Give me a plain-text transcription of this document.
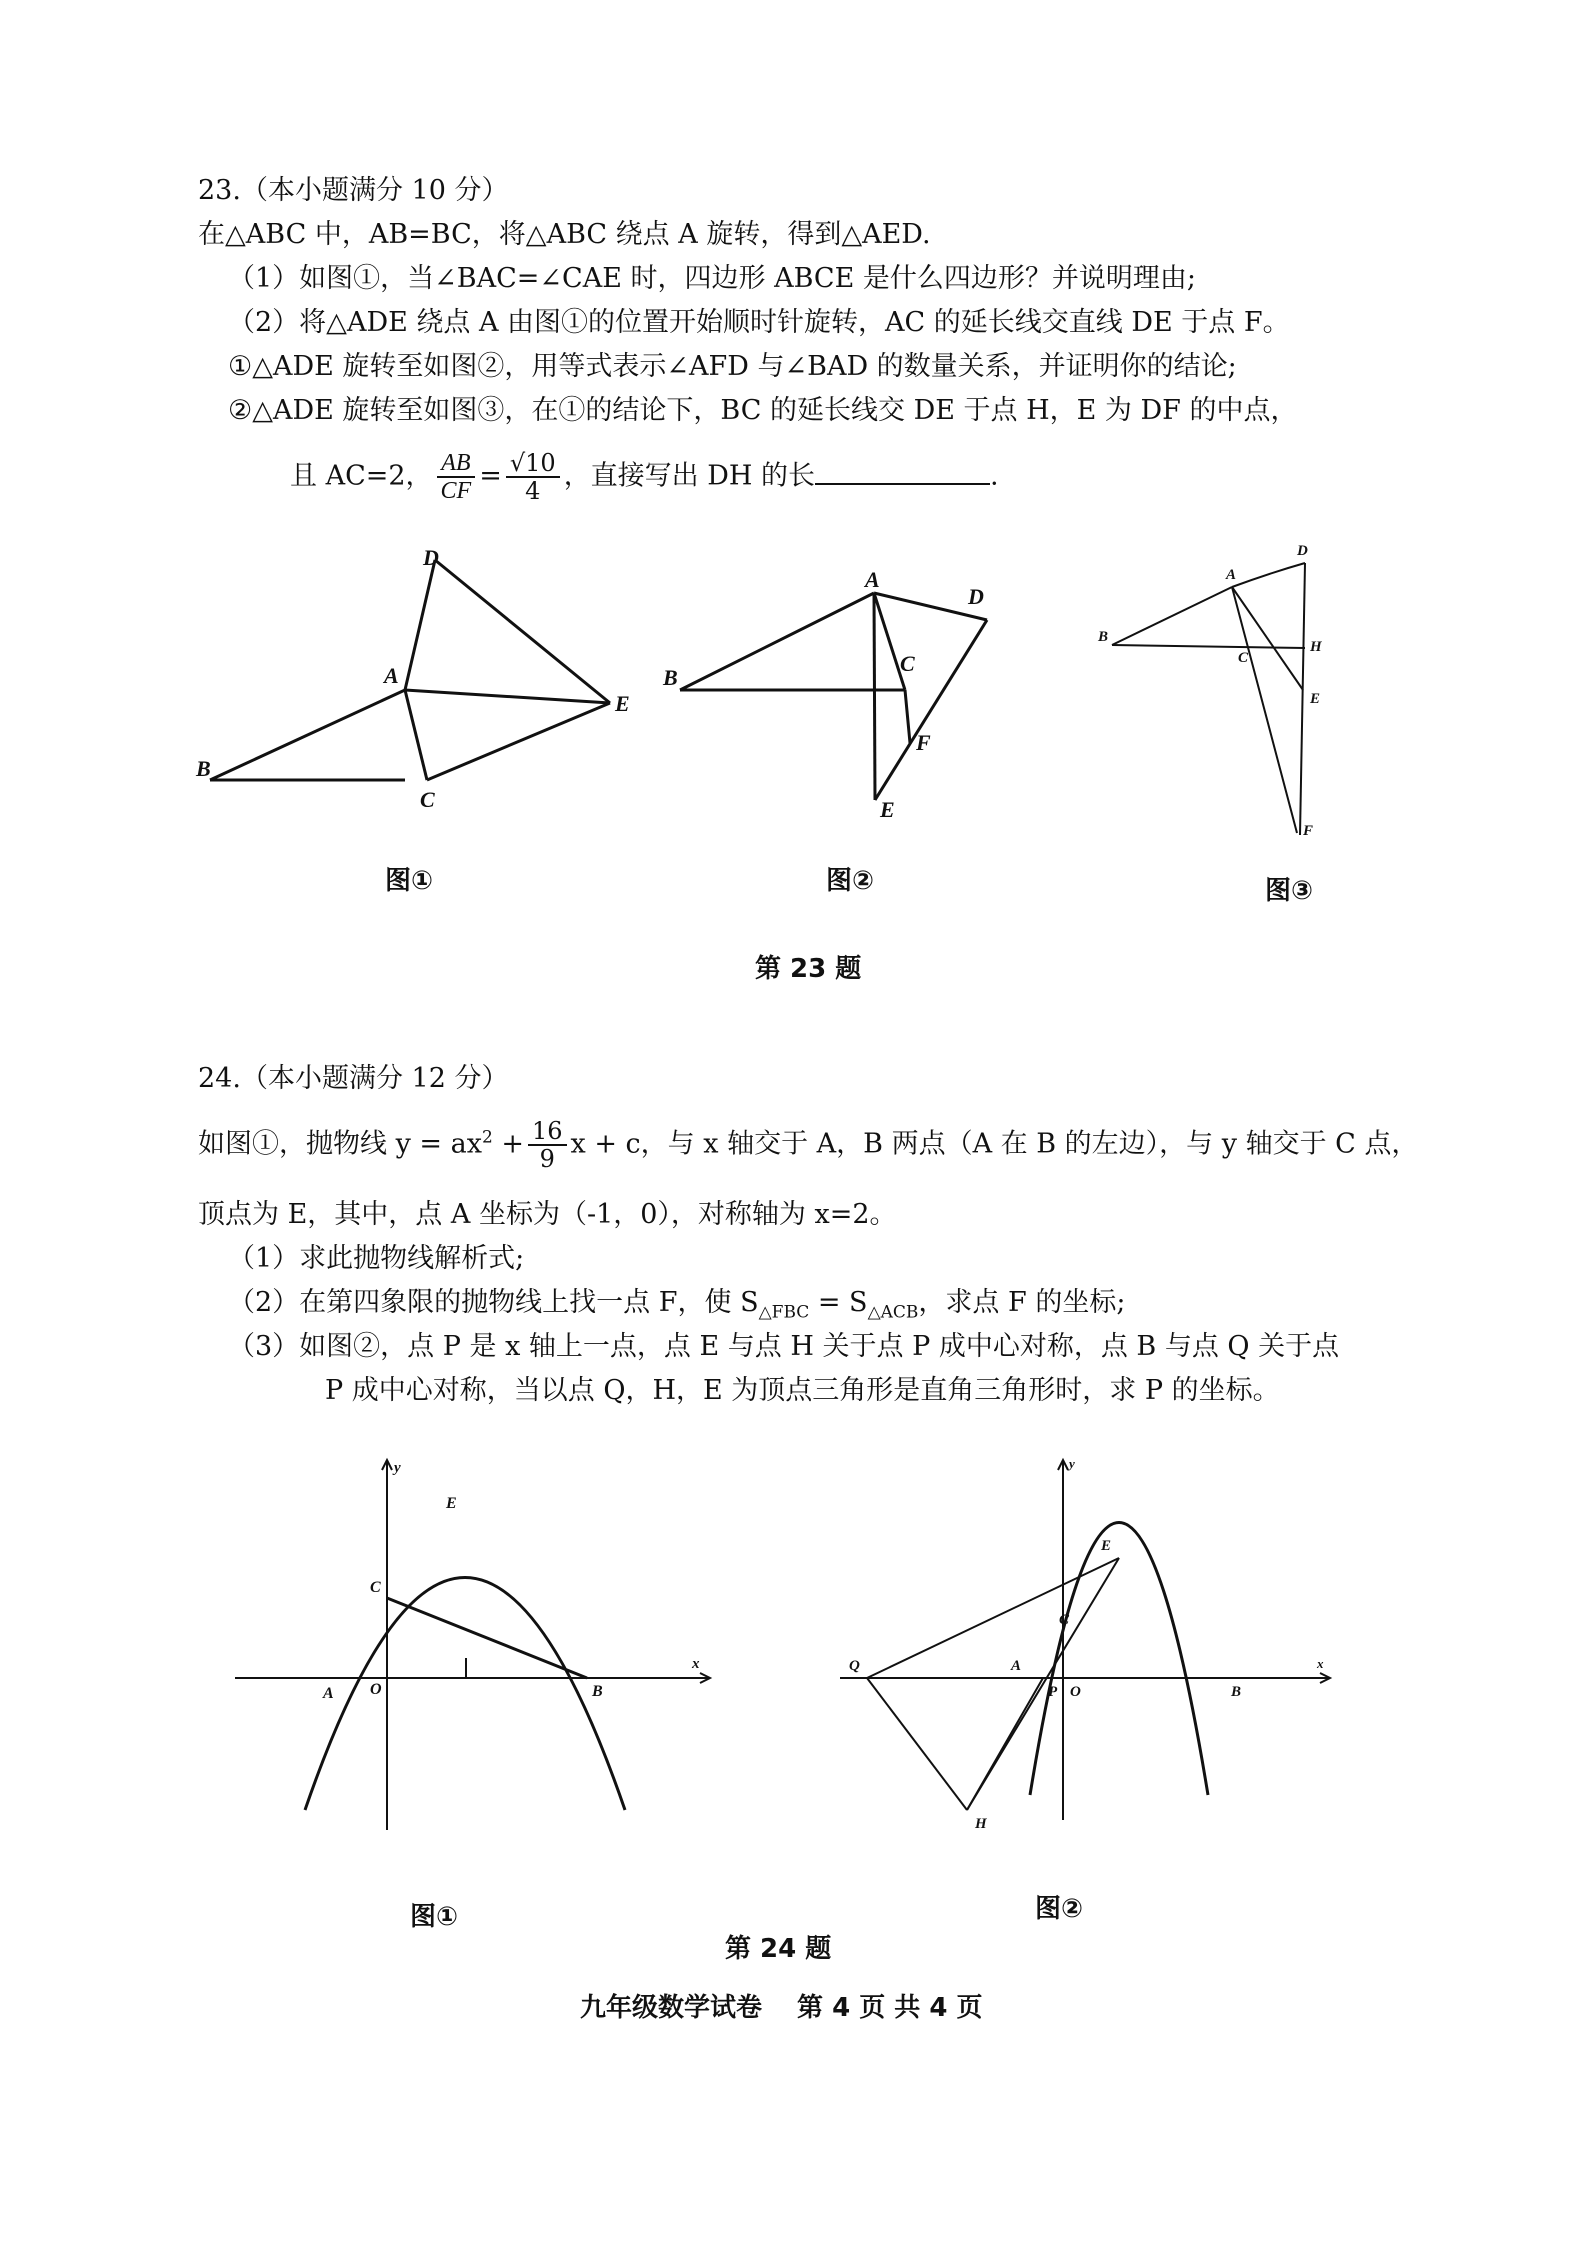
23.（本小题满分 10 分）
在△ABC 中，AB=BC，将△ABC 绕点 A 旋转，得到△AED.
（1）如图①，当∠BAC=∠CAE 时，四边形 ABCE 是什么四边形？并说明理由;
（2）将△ADE 绕点 A 由图①的位置开始顺时针旋转，AC 的延长线交直线 DE 于点 F。
①△ADE 旋转至如图②，用等式表示∠AFD 与∠BAD 的数量关系，并证明你的结论;
②△ADE 旋转至如图③，在①的结论下，BC 的延长线交 DE 于点 H，E 为 DF 的中点，
且 AC=2， $\frac{AB}{CF} = \frac{√10}{4}$ ，直接写出 DH 的长	.
D
A
E
B
C
A
D
B
C
F
E
A
D
B
C
H
E
F
图①	图②	图③
第 23 题
24.（本小题满分 12 分）
如图①，抛物线 $y = ax^2 + \frac{16}{9}$ x + c，与 x 轴交于 A，B 两点（A 在 B 的左边），与 y 轴交于 C 点，
顶点为 E，其中，点 A 坐标为（-1，0），对称轴为 x=2。
（1）求此抛物线解析式;
（2）在第四象限的抛物线上找一点 F，使 $S_{\triangle FBC} = S_{\triangle ACB}$，求点 F 的坐标;
（3）如图②，点 P 是 x 轴上一点，点 E 与点 H 关于点 P 成中心对称，点 B 与点 Q 关于点
P 成中心对称，当以点 Q，H，E 为顶点三角形是直角三角形时，求 P 的坐标。
y
E
C
x
A O	B
y
E
C
Q	A
P O
x
B
H
图①	图②
第 24 题
九年级数学试卷　 第 4 页 共 4 页
